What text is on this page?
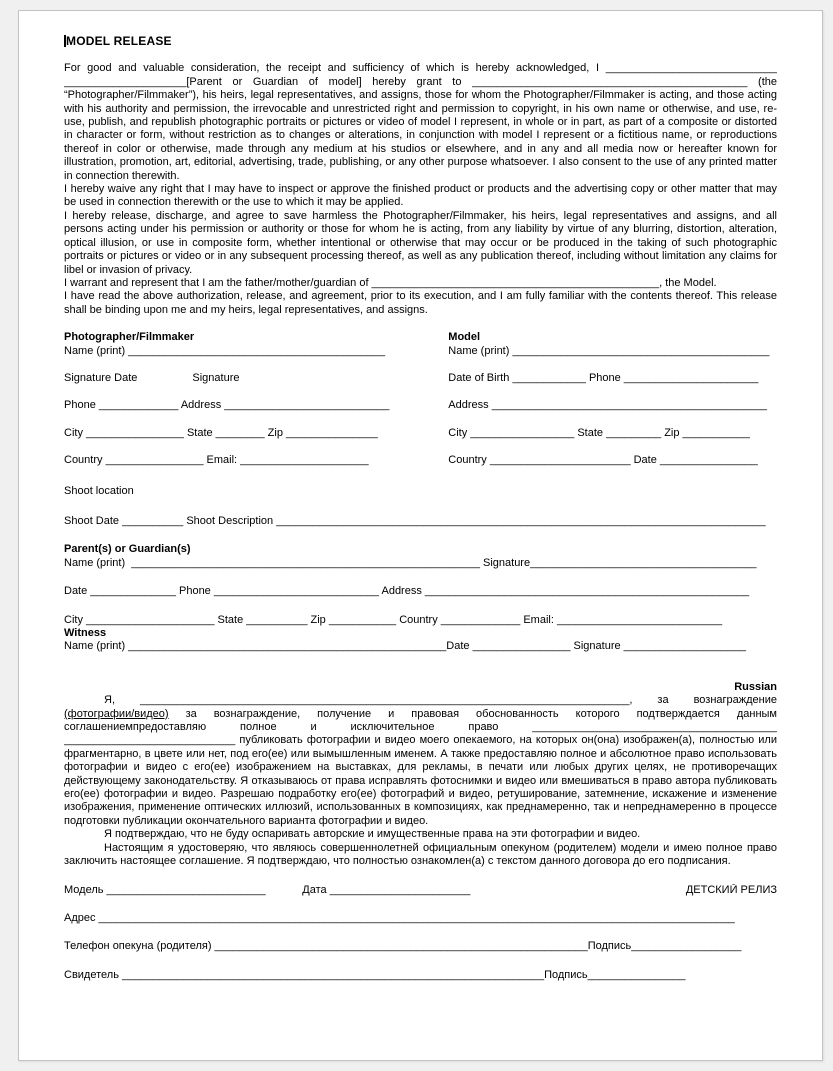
MODEL RELEASE

For good and valuable consideration, the receipt and sufficiency of which is hereby acknowledged, I ____________________________ ____________________[Parent or Guardian of model] hereby grant to _____________________________________________ (the “Photographer/Filmmaker”), his heirs, legal representatives, and assigns, those for whom the Photographer/Filmmaker is acting, and those acting with his authority and permission, the irrevocable and unrestricted right and permission to copyright, in his own name or otherwise, and use, re-use, publish, and republish photographic portraits or pictures or video of model I represent, in whole or in part, as part of a composite or distorted in character or form, without restriction as to changes or alterations, in conjunction with model I represent or a fictitious name, or reproductions thereof in color or otherwise, made through any medium at his studios or elsewhere, and in any and all media now or hereafter known for illustration, promotion, art, editorial, advertising, trade, publishing, or any other purpose whatsoever. I also consent to the use of any printed matter in connection therewith.

I hereby waive any right that I may have to inspect or approve the finished product or products and the advertising copy or other matter that may be used in connection therewith or the use to which it may be applied.

I hereby release, discharge, and agree to save harmless the Photographer/Filmmaker, his heirs, legal representatives and assigns, and all persons acting under his permission or authority or those for whom he is acting, from any liability by virtue of any blurring, distortion, alteration, optical illusion, or use in composite form, whether intentional or otherwise that may occur or be produced in the taking of such photographic portraits or pictures or video or in any subsequent processing thereof, as well as any publication thereof, including without limitation any claims for libel or invasion of privacy.

I warrant and represent that I am the father/mother/guardian of _______________________________________________, the Model.

I have read the above authorization, release, and agreement, prior to its execution, and I am fully familiar with the contents thereof. This release shall be binding upon me and my heirs, legal representatives, and assigns.

Photographer/Filmmaker
Name (print) __________________________________________
Signature Date                  Signature
Phone _____________ Address ___________________________
City ________________ State ________ Zip _______________
Country ________________ Email: _____________________
Model
Name (print) __________________________________________
Date of Birth ____________ Phone ______________________
Address _____________________________________________
City _________________ State _________ Zip ___________
Country _______________________ Date ________________
Shoot location
Shoot Date __________ Shoot Description ________________________________________________________________________________
Parent(s) or Guardian(s)
Name (print)  _________________________________________________________ Signature_____________________________________
Date ______________ Phone ___________________________ Address _____________________________________________________
City _____________________ State __________ Zip ___________ Country _____________ Email: ___________________________
Witness
Name (print) ____________________________________________________Date ________________ Signature ____________________
Russian

Я, ________________________________________________________________________________, за вознаграждение (фотографии/видео) за вознаграждение, получение и правовая обоснованность которого подтверждается данным соглашениемпредоставляю полное и исключительное право ________________________________________ ____________________________ публиковать фотографии и видео моего опекаемого, на которых он(она) изображен(а), полностью или фрагментарно, в цвете или нет, под его(ее) или вымышленным именем. А также предоставляю полное и абсолютное право использовать фотографии и видео с его(ее) изображением на выставках, для рекламы, в печати или любых других целях, не противоречащих действующему законодательству. Я отказываюсь от права исправлять фотоснимки и видео или вмешиваться в право автора публиковать его(ее) фотографии и видео. Разрешаю подработку его(ее) фотографий и видео, ретуширование, затемнение, искажение и изменение изображения, применение оптических иллюзий, использованных в композициях, как преднамеренно, так и непреднамеренно в процессе подготовки публикации окончательного варианта фотографии и видео.

Я подтверждаю, что не буду оспаривать авторские и имущественные права на эти фотографии и видео.

Настоящим я удостоверяю, что являюсь совершеннолетней официальным опекуном (родителем) модели и имею полное право заключить настоящее соглашение. Я подтверждаю, что полностью ознакомлен(а) с текстом данного договора до его подписания.

Модель __________________________            Дата _______________________	ДЕТСКИЙ РЕЛИЗ
Адрес ________________________________________________________________________________________________________
Телефон опекуна (родителя) _____________________________________________________________Подпись__________________
Свидетель _____________________________________________________________________Подпись________________
